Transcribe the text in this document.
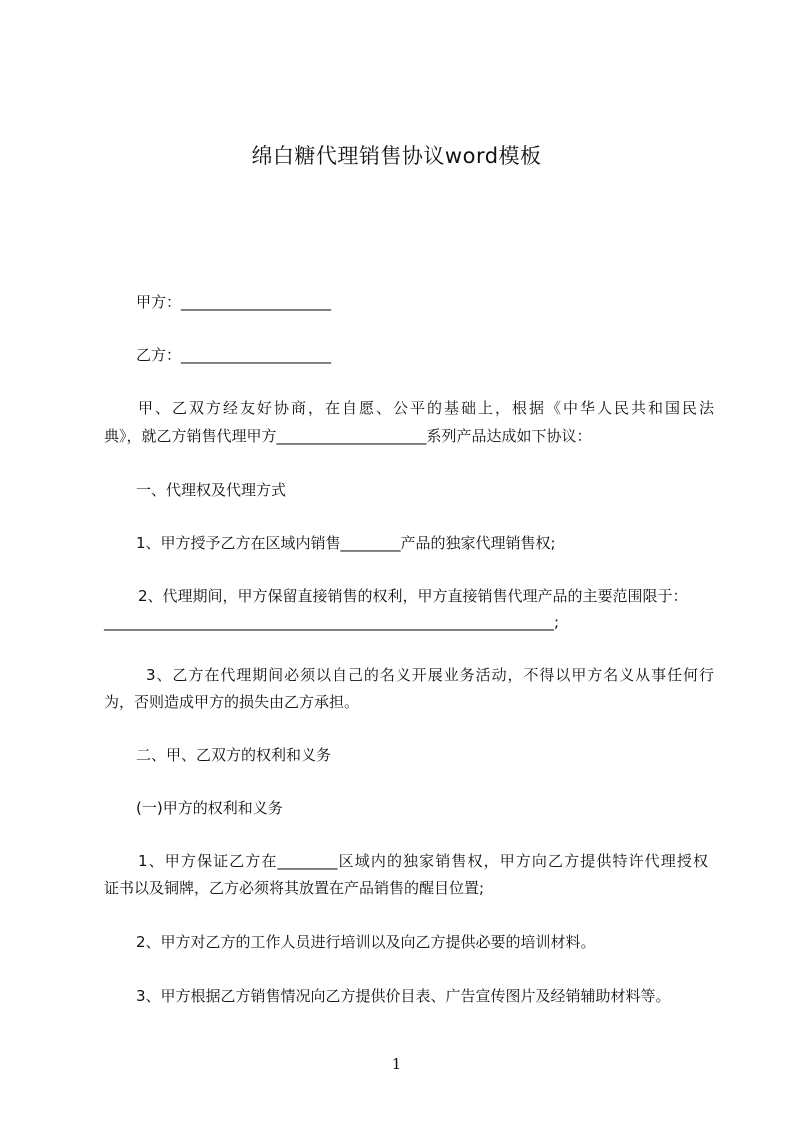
绵白糖代理销售协议word模板
甲方：____________________
乙方：____________________
甲、乙双方经友好协商，在自愿、公平的基础上，根据《中华人民共和国民法
典》，就乙方销售代理甲方____________________系列产品达成如下协议：
一、代理权及代理方式
1、甲方授予乙方在区域内销售________产品的独家代理销售权;
2、代理期间，甲方保留直接销售的权利，甲方直接销售代理产品的主要范围限于：
____________________________________________________________;
3、乙方在代理期间必须以自己的名义开展业务活动，不得以甲方名义从事任何行
为，否则造成甲方的损失由乙方承担。
二、甲、乙双方的权利和义务
(一)甲方的权利和义务
1、甲方保证乙方在________区域内的独家销售权，甲方向乙方提供特许代理授权
证书以及铜牌，乙方必须将其放置在产品销售的醒目位置;
2、甲方对乙方的工作人员进行培训以及向乙方提供必要的培训材料。
3、甲方根据乙方销售情况向乙方提供价目表、广告宣传图片及经销辅助材料等。
1
